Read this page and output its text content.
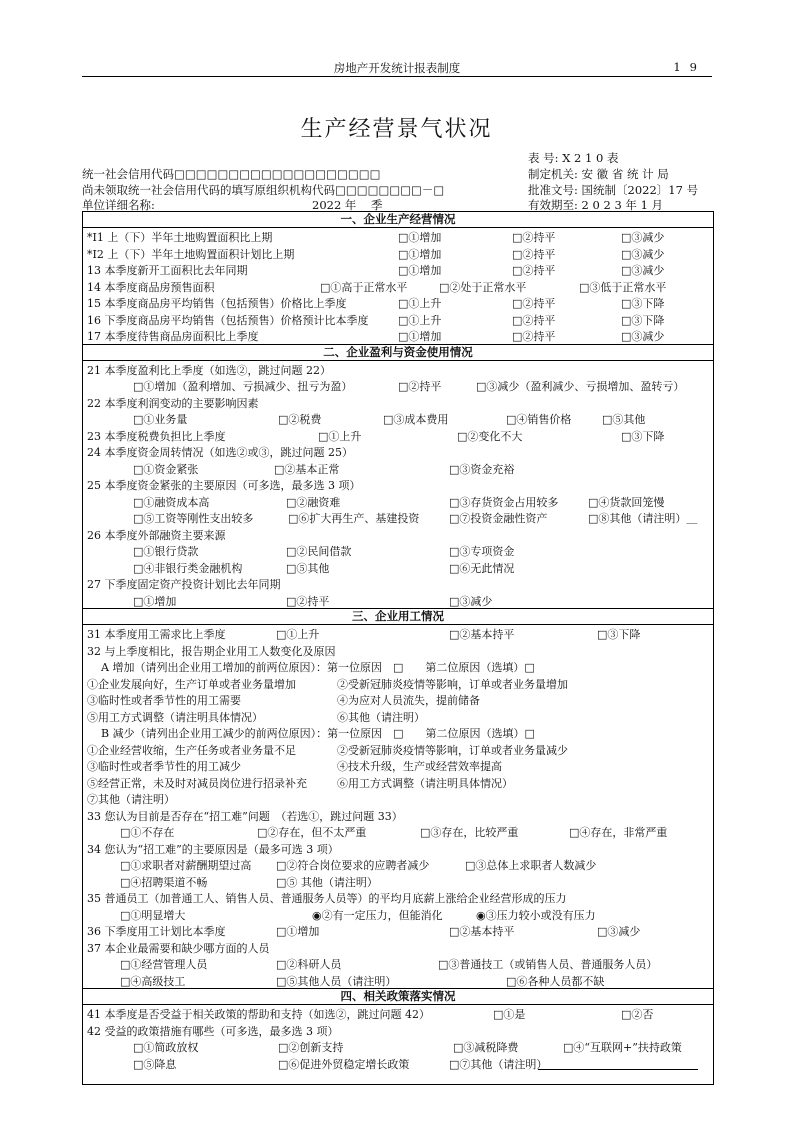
房地产开发统计报表制度	19
生产经营景气状况
统一社会信用代码□□□□□□□□□□□□□□□□□□□
尚未领取统一社会信用代码的填写原组织机构代码□□□□□□□□－□
单位详细名称:	2022 年    季
表 号: X 2 1 0 表
制定机关: 安 徽 省 统 计 局
批准文号: 国统制〔2022〕17 号
有效期至: 2 0 2 3 年 1 月
一、企业生产经营情况
*I1 上（下）半年土地购置面积比上期	□①增加	□②持平	□③减少
*I2 上（下）半年土地购置面积计划比上期	□①增加	□②持平	□③减少
13 本季度新开工面积比去年同期	□①增加	□②持平	□③减少
14 本季度商品房预售面积	□①高于正常水平	□②处于正常水平	□③低于正常水平
15 本季度商品房平均销售（包括预售）价格比上季度	□①上升	□②持平	□③下降
16 下季度商品房平均销售（包括预售）价格预计比本季度	□①上升	□②持平	□③下降
17 本季度待售商品房面积比上季度	□①增加	□②持平	□③减少
二、企业盈利与资金使用情况
21 本季度盈利比上季度（如选②，跳过问题 22）
□①增加（盈利增加、亏损减少、扭亏为盈）	□②持平	□③减少（盈利减少、亏损增加、盈转亏）
22 本季度利润变动的主要影响因素
□①业务量	□②税费	□③成本费用	□④销售价格	□⑤其他
23 本季度税费负担比上季度	□①上升	□②变化不大	□③下降
24 本季度资金周转情况（如选②或③，跳过问题 25）
□①资金紧张	□②基本正常	□③资金充裕
25 本季度资金紧张的主要原因（可多选，最多选 3 项）
□①融资成本高	□②融资难	□③存货资金占用较多	□④货款回笼慢
□⑤工资等刚性支出较多	□⑥扩大再生产、基建投资	□⑦投资金融性资产	□⑧其他（请注明）＿
26 本季度外部融资主要来源
□①银行贷款	□②民间借款	□③专项资金
□④非银行类金融机构	□⑤其他	□⑥无此情况
27 下季度固定资产投资计划比去年同期
□①增加	□②持平	□③减少
三、企业用工情况
31 本季度用工需求比上季度	□①上升	□②基本持平	□③下降
32 与上季度相比，报告期企业用工人数变化及原因
A 增加（请列出企业用工增加的前两位原因）：第一位原因　□　　第二位原因（选填）□
①企业发展向好，生产订单或者业务量增加	②受新冠肺炎疫情等影响，订单或者业务量增加
③临时性或者季节性的用工需要	④为应对人员流失，提前储备
⑤用工方式调整（请注明具体情况）	⑥其他（请注明）
B 减少（请列出企业用工减少的前两位原因）：第一位原因　□　　第二位原因（选填）□
①企业经营收缩，生产任务或者业务量不足	②受新冠肺炎疫情等影响，订单或者业务量减少
③临时性或者季节性的用工减少	④技术升级，生产或经营效率提高
⑤经营正常，未及时对减员岗位进行招录补充	⑥用工方式调整（请注明具体情况）
⑦其他（请注明）
33 您认为目前是否存在“招工难”问题　（若选①，跳过问题 33）
□①不存在	□②存在，但不太严重	□③存在，比较严重	□④存在，非常严重
34 您认为“招工难”的主要原因是（最多可选 3 项）
□①求职者对薪酬期望过高 □②符合岗位要求的应聘者减少	□③总体上求职者人数减少
□④招聘渠道不畅	□⑤ 其他（请注明）
35 普通员工（加普通工人、销售人员、普通服务人员等）的平均月底薪上涨给企业经营形成的压力
□①明显增大	◉②有一定压力，但能消化	◉③压力较小或没有压力
36 下季度用工计划比本季度	□①增加	□②基本持平	□③减少
37 本企业最需要和缺少哪方面的人员
□①经营管理人员	□②科研人员	□③普通技工（或销售人员、普通服务人员）
□④高级技工	□⑤其他人员（请注明）	□⑥各种人员都不缺
四、相关政策落实情况
41 本季度是否受益于相关政策的帮助和支持（如选②，跳过问题 42）	□①是	□②否
42 受益的政策措施有哪些（可多选，最多选 3 项）
□①简政放权	□②创新支持	□③减税降费	□④“互联网+”扶持政策
□⑤降息	□⑥促进外贸稳定增长政策	□⑦其他（请注明）
